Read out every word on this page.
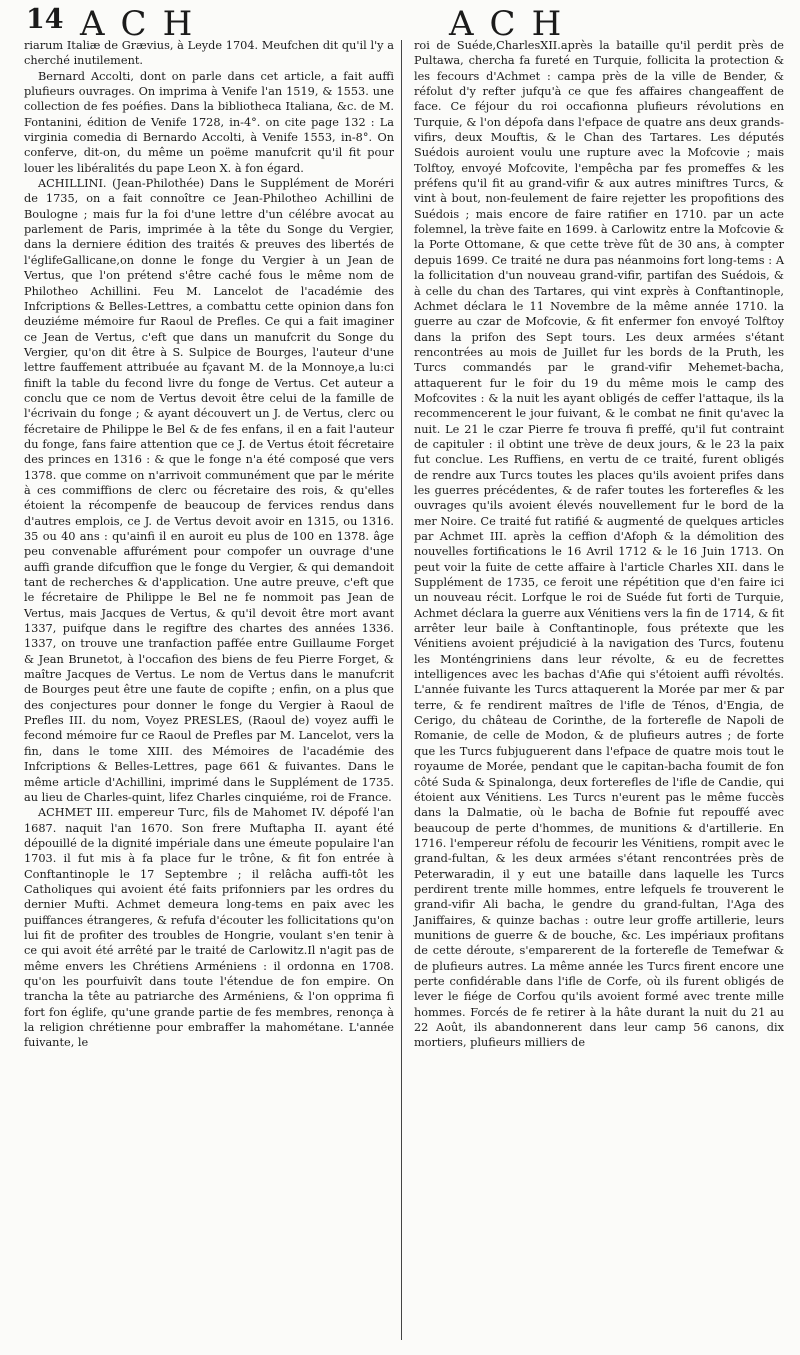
14 ACH	ACH

riarum Italiæ de Grævius, à Leyde 1704. Meufchen dit qu'il l'y a cherché inutilement.

Bernard Accolti, dont on parle dans cet article, a fait auffi plufieurs ouvrages. On imprima à Venife l'an 1519, & 1553. une collection de fes poéfies. Dans la bibliotheca Italiana, &c. de M. Fontanini, édition de Venife 1728, in-4°. on cite page 132 : La virginia comedia di Bernardo Accolti, à Venife 1553, in-8°. On conferve, dit-on, du même un poëme manufcrit qu'il fit pour louer les libéralités du pape Leon X. à fon égard.

ACHILLINI. (Jean-Philothée) Dans le Supplément de Moréri de 1735, on a fait connoître ce Jean-Philotheo Achillini de Boulogne ; mais fur la foi d'une lettre d'un célébre avocat au parlement de Paris, imprimée à la tête du Songe du Vergier, dans la derniere édition des traités & preuves des libertés de l'églifeGallicane,on donne le fonge du Vergier à un Jean de Vertus, que l'on prétend s'être caché fous le même nom de Philotheo Achillini. Feu M. Lancelot de l'académie des Infcriptions & Belles-Lettres, a combattu cette opinion dans fon deuziéme mémoire fur Raoul de Prefles. Ce qui a fait imaginer ce Jean de Vertus, c'eft que dans un manufcrit du Songe du Vergier, qu'on dit être à S. Sulpice de Bourges, l'auteur d'une lettre fauffement attribuée au fçavant M. de la Monnoye,a lu:ci finift la table du fecond livre du fonge de Vertus. Cet auteur a conclu que ce nom de Vertus devoit être celui de la famille de l'écrivain du fonge ; & ayant découvert un J. de Vertus, clerc ou fécretaire de Philippe le Bel & de fes enfans, il en a fait l'auteur du fonge, fans faire attention que ce J. de Vertus étoit fécretaire des princes en 1316 : & que le fonge n'a été composé que vers 1378. que comme on n'arrivoit communément que par le mérite à ces commiffions de clerc ou fécretaire des rois, & qu'elles étoient la récompenfe de beaucoup de fervices rendus dans d'autres emplois, ce J. de Vertus devoit avoir en 1315, ou 1316. 35 ou 40 ans : qu'ainfi il en auroit eu plus de 100 en 1378. âge peu convenable affurément pour compofer un ouvrage d'une auffi grande difcuffion que le fonge du Vergier, & qui demandoit tant de recherches & d'application. Une autre preuve, c'eft que le fécretaire de Philippe le Bel ne fe nommoit pas Jean de Vertus, mais Jacques de Vertus, & qu'il devoit être mort avant 1337, puifque dans le regiftre des chartes des années 1336. 1337, on trouve une tranfaction paffée entre Guillaume Forget & Jean Brunetot, à l'occafion des biens de feu Pierre Forget, & maître Jacques de Vertus. Le nom de Vertus dans le manufcrit de Bourges peut être une faute de copifte ; enfin, on a plus que des conjectures pour donner le fonge du Vergier à Raoul de Prefles III. du nom, Voyez PRESLES, (Raoul de) voyez auffi le fecond mémoire fur ce Raoul de Prefles par M. Lancelot, vers la fin, dans le tome XIII. des Mémoires de l'académie des Infcriptions & Belles-Lettres, page 661 & fuivantes. Dans le même article d'Achillini, imprimé dans le Supplément de 1735. au lieu de Charles-quint, lifez Charles cinquiéme, roi de France.

ACHMET III. empereur Turc, fils de Mahomet IV. dépofé l'an 1687. naquit l'an 1670. Son frere Muftapha II. ayant été dépouillé de la dignité impériale dans une émeute populaire l'an 1703. il fut mis à fa place fur le trône, & fit fon entrée à Conftantinople le 17 Septembre ; il relâcha auffi-tôt les Catholiques qui avoient été faits prifonniers par les ordres du dernier Mufti. Achmet demeura long-tems en paix avec les puiffances étrangeres, & refufa d'écouter les follicitations qu'on lui fit de profiter des troubles de Hongrie, voulant s'en tenir à ce qui avoit été arrêté par le traité de Carlowitz.Il n'agit pas de même envers les Chrétiens Arméniens : il ordonna en 1708. qu'on les pourfuivît dans toute l'étendue de fon empire. On trancha la tête au patriarche des Arméniens, & l'on opprima fi fort fon églife, qu'une grande partie de fes membres, renonça à la religion chrétienne pour embraffer la mahométane. L'année fuivante, le

roi de Suéde,CharlesXII.après la bataille qu'il perdit près de Pultawa, chercha fa fureté en Turquie, follicita la protection & les fecours d'Achmet : campa près de la ville de Bender, & réfolut d'y refter jufqu'à ce que fes affaires changeaffent de face. Ce féjour du roi occafionna plufieurs révolutions en Turquie, & l'on dépofa dans l'efpace de quatre ans deux grands-vifirs, deux Mouftis, & le Chan des Tartares. Les députés Suédois auroient voulu une rupture avec la Mofcovie ; mais Tolftoy, envoyé Mofcovite, l'empêcha par fes promeffes & les préfens qu'il fit au grand-vifir & aux autres miniftres Turcs, & vint à bout, non-feulement de faire rejetter les propofitions des Suédois ; mais encore de faire ratifier en 1710. par un acte folemnel, la trève faite en 1699. à Carlowitz entre la Mofcovie & la Porte Ottomane, & que cette trève fût de 30 ans, à compter depuis 1699. Ce traité ne dura pas néanmoins fort long-tems : A la follicitation d'un nouveau grand-vifir, partifan des Suédois, & à celle du chan des Tartares, qui vint exprès à Conftantinople, Achmet déclara le 11 Novembre de la même année 1710. la guerre au czar de Mofcovie, & fit enfermer fon envoyé Tolftoy dans la prifon des Sept tours. Les deux armées s'étant rencontrées au mois de Juillet fur les bords de la Pruth, les Turcs commandés par le grand-vifir Mehemet-bacha, attaquerent fur le foir du 19 du même mois le camp des Mofcovites : & la nuit les ayant obligés de ceffer l'attaque, ils la recommencerent le jour fuivant, & le combat ne finit qu'avec la nuit. Le 21 le czar Pierre fe trouva fi preffé, qu'il fut contraint de capituler : il obtint une trève de deux jours, & le 23 la paix fut conclue. Les Ruffiens, en vertu de ce traité, furent obligés de rendre aux Turcs toutes les places qu'ils avoient prifes dans les guerres précédentes, & de rafer toutes les forterefles & les ouvrages qu'ils avoient élevés nouvellement fur le bord de la mer Noire. Ce traité fut ratifié & augmenté de quelques articles par Achmet III. après la ceffion d'Afoph & la démolition des nouvelles fortifications le 16 Avril 1712 & le 16 Juin 1713. On peut voir la fuite de cette affaire à l'article Charles XII. dans le Supplément de 1735, ce feroit une répétition que d'en faire ici un nouveau récit. Lorfque le roi de Suéde fut forti de Turquie, Achmet déclara la guerre aux Vénitiens vers la fin de 1714, & fit arrêter leur baile à Conftantinople, fous prétexte que les Vénitiens avoient préjudicié à la navigation des Turcs, foutenu les Monténgriniens dans leur révolte, & eu de fecrettes intelligences avec les bachas d'Afie qui s'étoient auffi révoltés. L'année fuivante les Turcs attaquerent la Morée par mer & par terre, & fe rendirent maîtres de l'ifle de Ténos, d'Engia, de Cerigo, du château de Corinthe, de la forterefle de Napoli de Romanie, de celle de Modon, & de plufieurs autres ; de forte que les Turcs fubjuguerent dans l'efpace de quatre mois tout le royaume de Morée, pendant que le capitan-bacha foumit de fon côté Suda & Spinalonga, deux forterefles de l'ifle de Candie, qui étoient aux Vénitiens. Les Turcs n'eurent pas le même fuccès dans la Dalmatie, où le bacha de Bofnie fut repouffé avec beaucoup de perte d'hommes, de munitions & d'artillerie. En 1716. l'empereur réfolu de fecourir les Vénitiens, rompit avec le grand-fultan, & les deux armées s'étant rencontrées près de Peterwaradin, il y eut une bataille dans laquelle les Turcs perdirent trente mille hommes, entre lefquels fe trouverent le grand-vifir Ali bacha, le gendre du grand-fultan, l'Aga des Janiffaires, & quinze bachas : outre leur groffe artillerie, leurs munitions de guerre & de bouche, &c. Les impériaux profitans de cette déroute, s'emparerent de la forterefle de Temefwar & de plufieurs autres. La même année les Turcs firent encore une perte confidérable dans l'ifle de Corfe, où ils furent obligés de lever le fiége de Corfou qu'ils avoient formé avec trente mille hommes. Forcés de fe retirer à la hâte durant la nuit du 21 au 22 Août, ils abandonnerent dans leur camp 56 canons, dix mortiers, plufieurs milliers de
